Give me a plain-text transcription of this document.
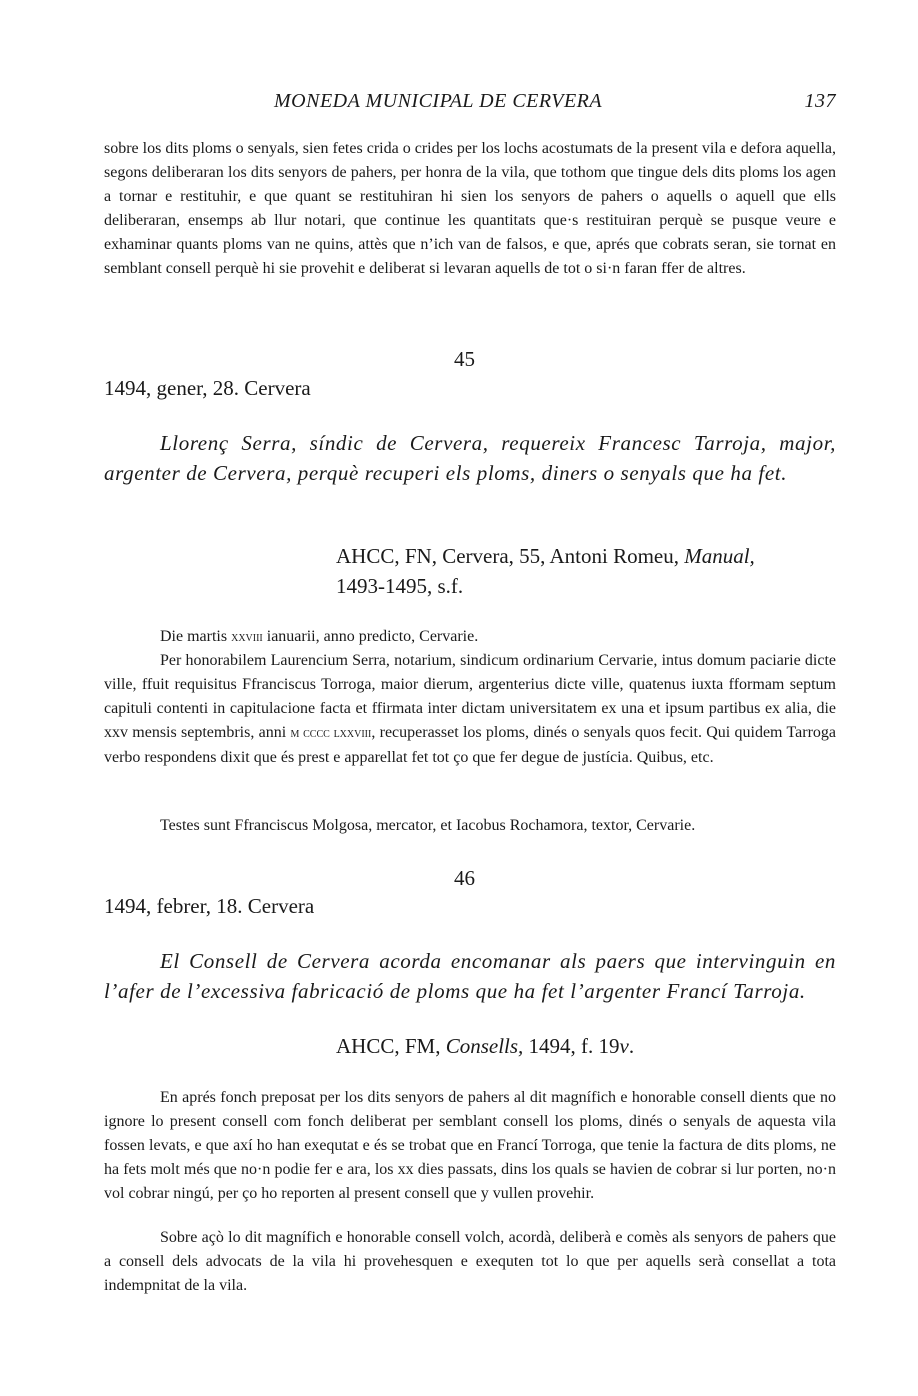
MONEDA MUNICIPAL DE CERVERA	137

sobre los dits ploms o senyals, sien fetes crida o crides per los lochs acostumats de la present vila e defora aquella, segons deliberaran los dits senyors de pahers, per honra de la vila, que tothom que tingue dels dits ploms los agen a tornar e restituhir, e que quant se restituhiran hi sien los senyors de pahers o aquells o aquell que ells deliberaran, ensemps ab llur notari, que continue les quantitats que·s restituiran perquè se pusque veure e exhaminar quants ploms van ne quins, attès que n’ich van de falsos, e que, aprés que cobrats seran, sie tornat en semblant consell perquè hi sie provehit e deliberat si levaran aquells de tot o si·n faran ffer de altres.

45
1494, gener, 28. Cervera

Llorenç Serra, síndic de Cervera, requereix Francesc Tarroja, major, argenter de Cervera, perquè recuperi els ploms, diners o senyals que ha fet.

AHCC, FN, Cervera, 55, Antoni Romeu, Manual,
1493-1495, s.f.

Die martis xxviii ianuarii, anno predicto, Cervarie.

Per honorabilem Laurencium Serra, notarium, sindicum ordinarium Cervarie, intus domum paciarie dicte ville, ffuit requisitus Ffranciscus Torroga, maior dierum, argenterius dicte ville, quatenus iuxta fformam septum capituli contenti in capitulacione facta et ffirmata inter dictam universitatem ex una et ipsum partibus ex alia, die xxv mensis septembris, anni m cccc lxxviii, recuperasset los ploms, dinés o senyals quos fecit. Qui quidem Tarroga verbo respondens dixit que és prest e apparellat fet tot ço que fer degue de justícia. Quibus, etc.

Testes sunt Ffranciscus Molgosa, mercator, et Iacobus Rochamora, textor, Cervarie.

46
1494, febrer, 18. Cervera

El Consell de Cervera acorda encomanar als paers que intervinguin en l’afer de l’excessiva fabricació de ploms que ha fet l’argenter Francí Tarroja.

AHCC, FM, Consells, 1494, f. 19v.

En aprés fonch preposat per los dits senyors de pahers al dit magnífich e honorable consell dients que no ignore lo present consell com fonch deliberat per semblant consell los ploms, dinés o senyals de aquesta vila fossen levats, e que axí ho han exequtat e és se trobat que en Francí Torroga, que tenie la factura de dits ploms, ne ha fets molt més que no·n podie fer e ara, los xx dies passats, dins los quals se havien de cobrar si lur porten, no·n vol cobrar ningú, per ço ho reporten al present consell que y vullen provehir.

Sobre açò lo dit magnífich e honorable consell volch, acordà, deliberà e comès als senyors de pahers que a consell dels advocats de la vila hi provehesquen e exequten tot lo que per aquells serà consellat a tota indempnitat de la vila.
